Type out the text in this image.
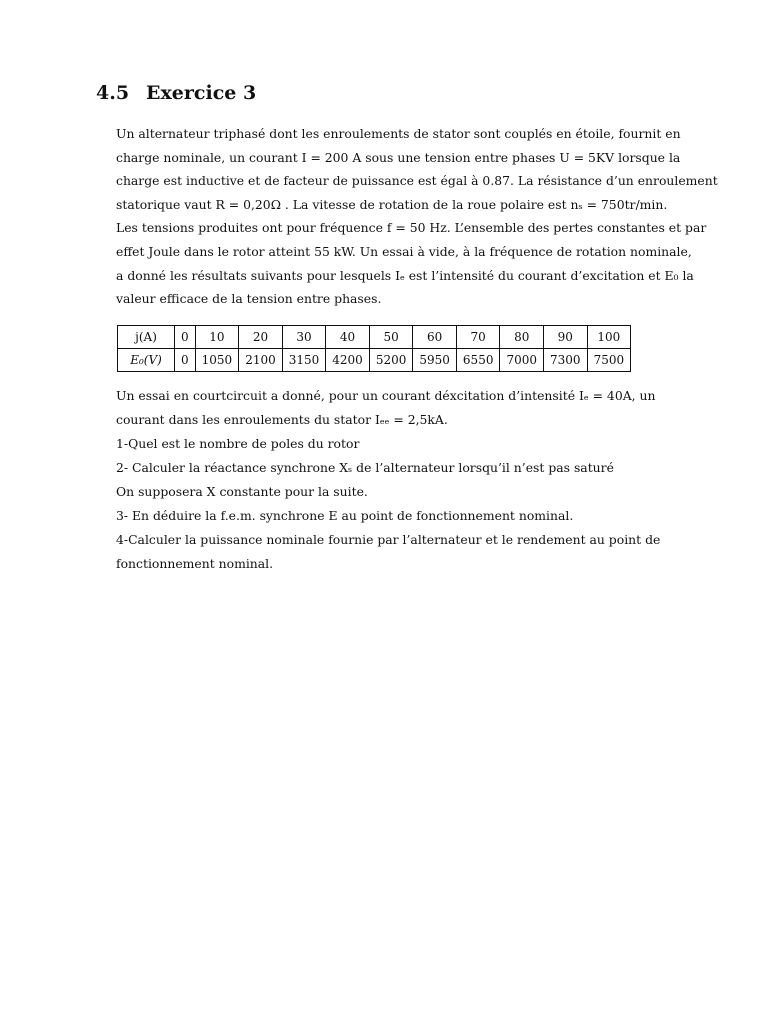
4.5 Exercice 3
Un alternateur triphasé dont les enroulements de stator sont couplés en étoile, fournit en
charge nominale, un courant I = 200 A sous une tension entre phases U = 5KV lorsque la
charge est inductive et de facteur de puissance est égal à 0.87. La résistance d’un enroulement
statorique vaut R = 0,20Ω . La vitesse de rotation de la roue polaire est nₛ = 750tr/min.
Les tensions produites ont pour fréquence f = 50 Hz. L’ensemble des pertes constantes et par
effet Joule dans le rotor atteint 55 kW. Un essai à vide, à la fréquence de rotation nominale,
a donné les résultats suivants pour lesquels Iₑ est l’intensité du courant d’excitation et E₀ la
valeur efficace de la tension entre phases.
j(A)	0	10	20	30	40	50	60	70	80	90	100
E₀(V)	0	1050	2100	3150	4200	5200	5950	6550	7000	7300	7500
Un essai en courtcircuit a donné, pour un courant déxcitation d’intensité Iₑ = 40A, un
courant dans les enroulements du stator Iₑₑ = 2,5kA.
1-Quel est le nombre de poles du rotor
2- Calculer la réactance synchrone Xₛ de l’alternateur lorsqu’il n’est pas saturé
On supposera X constante pour la suite.
3- En déduire la f.e.m. synchrone E au point de fonctionnement nominal.
4-Calculer la puissance nominale fournie par l’alternateur et le rendement au point de
fonctionnement nominal.
